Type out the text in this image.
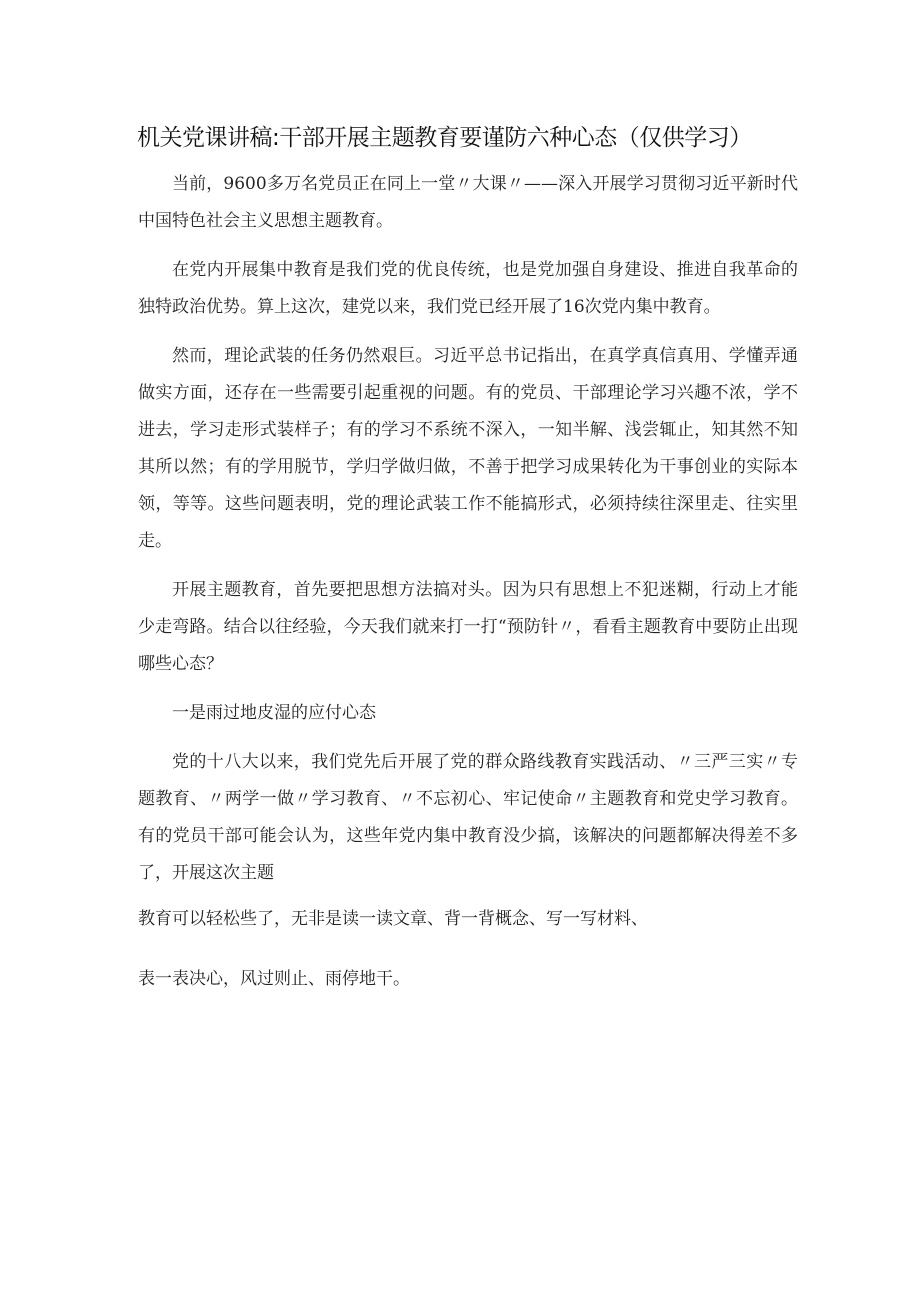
机关党课讲稿:干部开展主题教育要谨防六种心态（仅供学习）

当前，9600多万名党员正在同上一堂〃大课〃——深入开展学习贯彻习近平新时代中国特色社会主义思想主题教育。

在党内开展集中教育是我们党的优良传统，也是党加强自身建设、推进自我革命的独特政治优势。算上这次，建党以来，我们党已经开展了16次党内集中教育。

然而，理论武装的任务仍然艰巨。习近平总书记指出，在真学真信真用、学懂弄通做实方面，还存在一些需要引起重视的问题。有的党员、干部理论学习兴趣不浓，学不进去，学习走形式装样子；有的学习不系统不深入，一知半解、浅尝辄止，知其然不知其所以然；有的学用脱节，学归学做归做，不善于把学习成果转化为干事创业的实际本领，等等。这些问题表明，党的理论武装工作不能搞形式，必须持续往深里走、往实里走。

开展主题教育，首先要把思想方法搞对头。因为只有思想上不犯迷糊，行动上才能少走弯路。结合以往经验，今天我们就来打一打“预防针〃，看看主题教育中要防止出现哪些心态？

一是雨过地皮湿的应付心态

党的十八大以来，我们党先后开展了党的群众路线教育实践活动、〃三严三实〃专题教育、〃两学一做〃学习教育、〃不忘初心、牢记使命〃主题教育和党史学习教育。有的党员干部可能会认为，这些年党内集中教育没少搞，该解决的问题都解决得差不多了，开展这次主题

教育可以轻松些了，无非是读一读文章、背一背概念、写一写材料、

表一表决心，风过则止、雨停地干。
